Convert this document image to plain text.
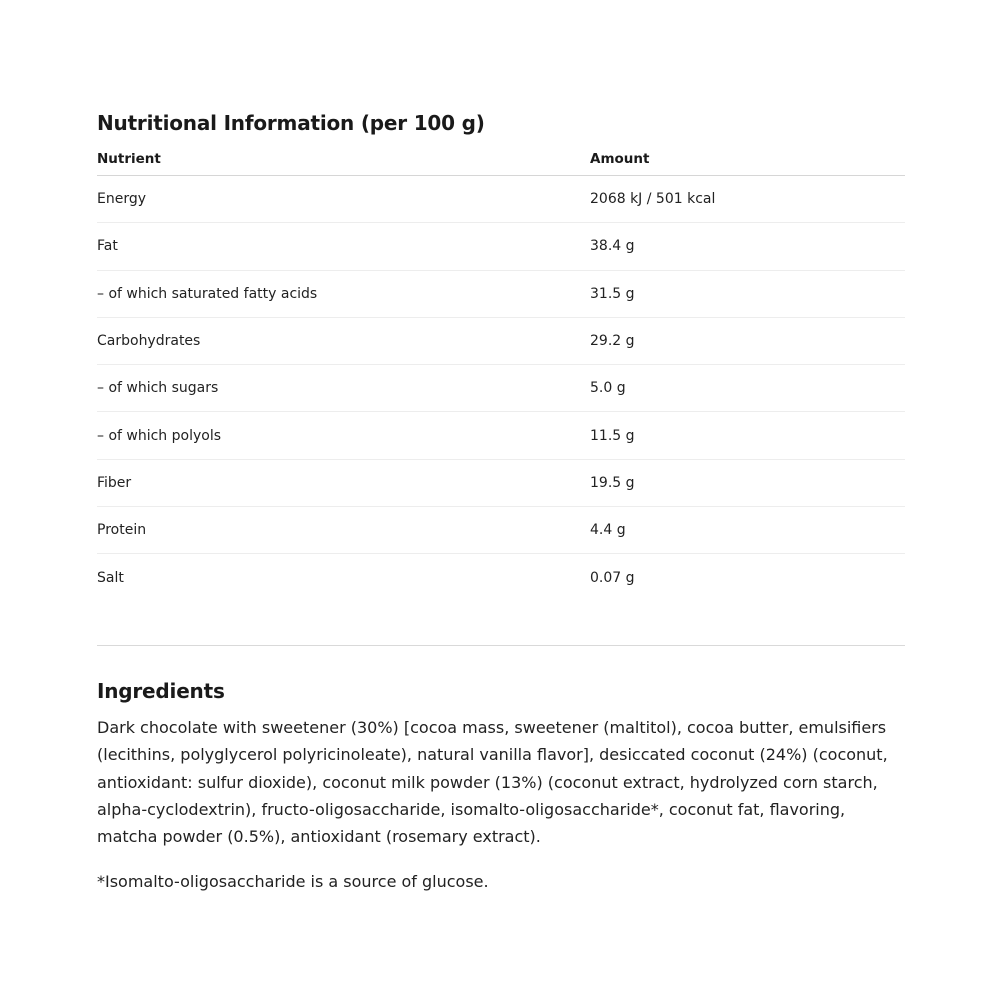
Nutritional Information (per 100 g)
Nutrient	Amount
Energy	2068 kJ / 501 kcal
Fat	38.4 g
– of which saturated fatty acids	31.5 g
Carbohydrates	29.2 g
– of which sugars	5.0 g
– of which polyols	11.5 g
Fiber	19.5 g
Protein	4.4 g
Salt	0.07 g
Ingredients

Dark chocolate with sweetener (30%) [cocoa mass, sweetener (maltitol), cocoa butter, emulsifiers (lecithins, polyglycerol polyricinoleate), natural vanilla flavor], desiccated coconut (24%) (coconut, antioxidant: sulfur dioxide), coconut milk powder (13%) (coconut extract, hydrolyzed corn starch, alpha-cyclodextrin), fructo-oligosaccharide, isomalto-oligosaccharide*, coconut fat, flavoring, matcha powder (0.5%), antioxidant (rosemary extract).

*Isomalto-oligosaccharide is a source of glucose.
